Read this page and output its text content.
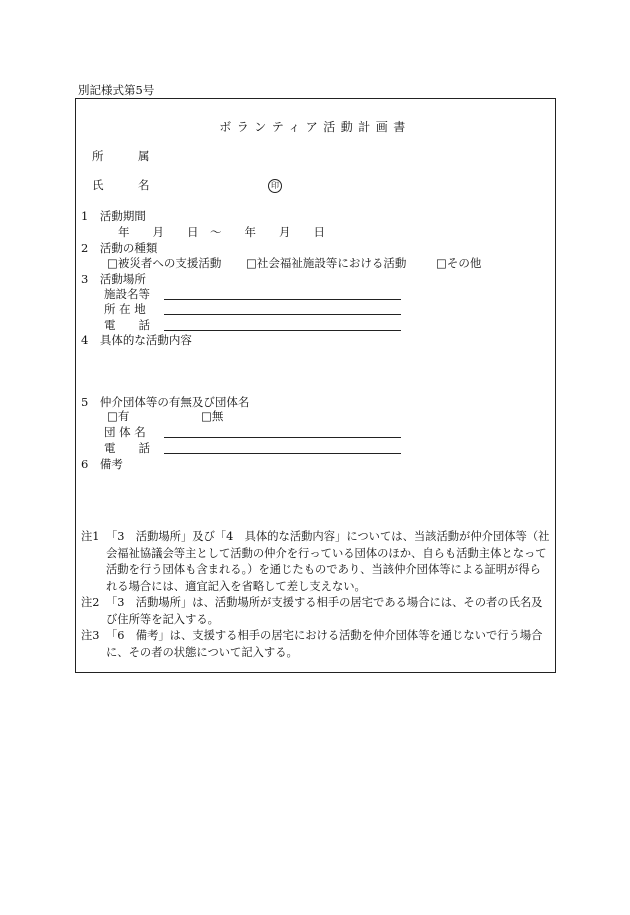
別記様式第5号
ボランティア活動計画書
所　　　属
氏　　　名	印
1　活動期間
年　　月　　日　～　　年　　月　　日
2　活動の種類
□被災者への支援活動 □社会福祉施設等における活動	□その他
3　活動場所
施設名等
所 在 地
電　　話
4　具体的な活動内容
5　仲介団体等の有無及び団体名
□有	□無
団 体 名
電　　話
6　備考
注1 「3　活動場所」及び「4　具体的な活動内容」については、当該活動が仲介団体等（社会福祉協議会等主として活動の仲介を行っている団体のほか、自らも活動主体となって活動を行う団体も含まれる。）を通じたものであり、当該仲介団体等による証明が得られる場合には、適宜記入を省略して差し支えない。
注2 「3　活動場所」は、活動場所が支援する相手の居宅である場合には、その者の氏名及び住所等を記入する。
注3 「6　備考」は、支援する相手の居宅における活動を仲介団体等を通じないで行う場合に、その者の状態について記入する。
